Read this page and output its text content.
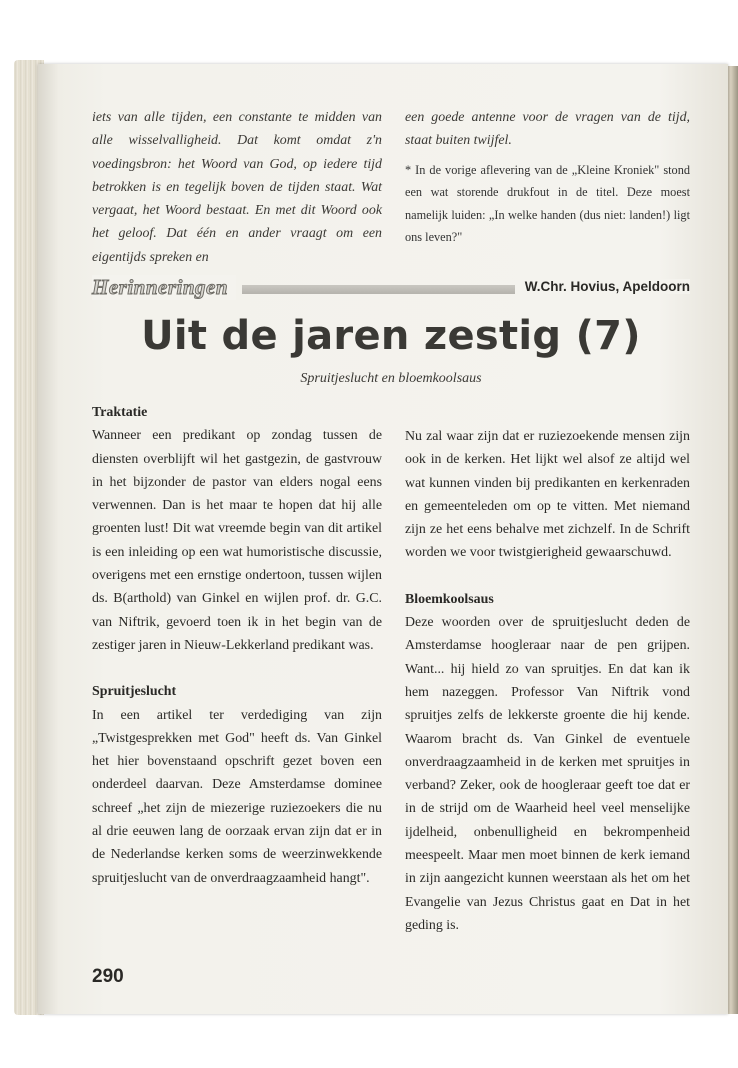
iets van alle tijden, een constante te midden van alle wisselvalligheid. Dat komt omdat z'n voedingsbron: het Woord van God, op iedere tijd betrokken is en tegelijk boven de tijden staat. Wat vergaat, het Woord bestaat. En met dit Woord ook het geloof. Dat één en ander vraagt om een eigentijds spreken en

een goede antenne voor de vragen van de tijd, staat buiten twijfel.

* In de vorige aflevering van de „Kleine Kroniek" stond een wat storende drukfout in de titel. Deze moest namelijk luiden: „In welke handen (dus niet: landen!) ligt ons leven?"

Herinneringen	W.Chr. Hovius, Apeldoorn
Uit de jaren zestig (7)
Spruitjeslucht en bloemkoolsaus

Traktatie

Wanneer een predikant op zondag tussen de diensten overblijft wil het gastgezin, de gastvrouw in het bijzonder de pastor van elders nogal eens verwennen. Dan is het maar te hopen dat hij alle groenten lust! Dit wat vreemde begin van dit artikel is een inleiding op een wat humoristische discussie, overigens met een ernstige ondertoon, tussen wijlen ds. B(arthold) van Ginkel en wijlen prof. dr. G.C. van Niftrik, gevoerd toen ik in het begin van de zestiger jaren in Nieuw-Lekkerland predikant was.

Spruitjeslucht

In een artikel ter verdediging van zijn „Twistgesprekken met God" heeft ds. Van Ginkel het hier bovenstaand opschrift gezet boven een onderdeel daarvan. Deze Amsterdamse dominee schreef „het zijn de miezerige ruziezoekers die nu al drie eeuwen lang de oorzaak ervan zijn dat er in de Nederlandse kerken soms de weerzinwekkende spruitjeslucht van de onverdraagzaamheid hangt".

Nu zal waar zijn dat er ruziezoekende mensen zijn ook in de kerken. Het lijkt wel alsof ze altijd wel wat kunnen vinden bij predikanten en kerkenraden en gemeenteleden om op te vitten. Met niemand zijn ze het eens behalve met zichzelf. In de Schrift worden we voor twistgierigheid gewaarschuwd.

Bloemkoolsaus

Deze woorden over de spruitjeslucht deden de Amsterdamse hoogleraar naar de pen grijpen. Want... hij hield zo van spruitjes. En dat kan ik hem nazeggen. Professor Van Niftrik vond spruitjes zelfs de lekkerste groente die hij kende. Waarom bracht ds. Van Ginkel de eventuele onverdraagzaamheid in de kerken met spruitjes in verband? Zeker, ook de hoogleraar geeft toe dat er in de strijd om de Waarheid heel veel menselijke ijdelheid, onbenulligheid en bekrompenheid meespeelt. Maar men moet binnen de kerk iemand in zijn aangezicht kunnen weerstaan als het om het Evangelie van Jezus Christus gaat en Dat in het geding is.

290
